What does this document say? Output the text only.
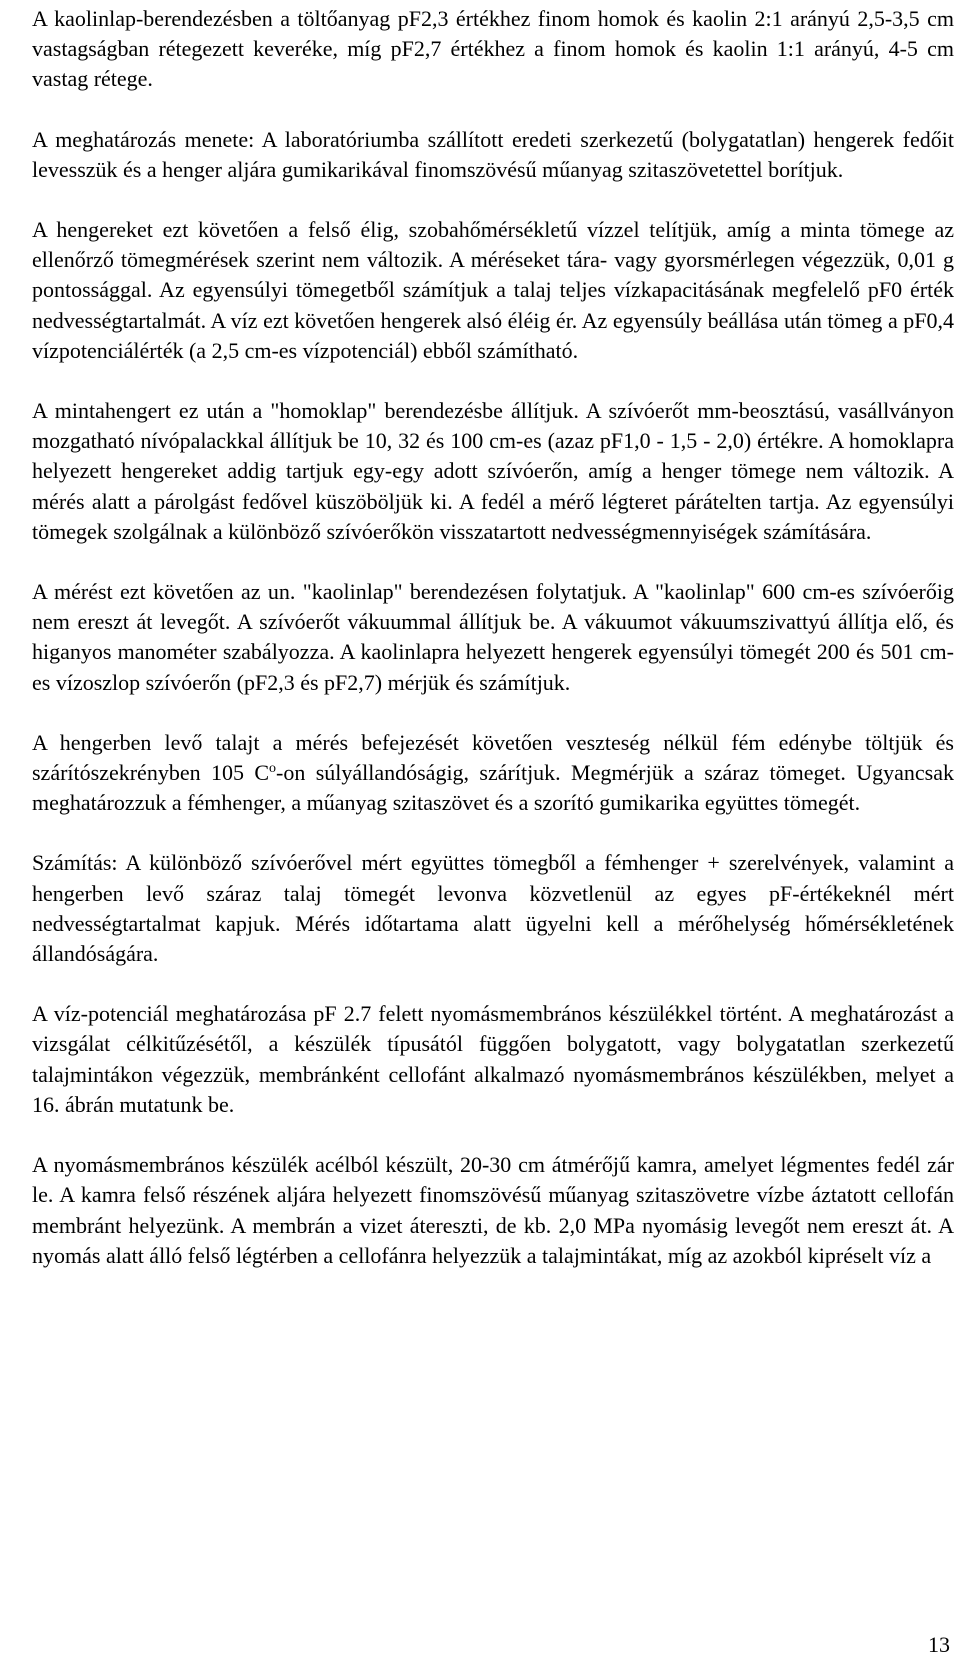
A kaolinlap-berendezésben a töltőanyag pF2,3 értékhez finom homok és kaolin 2:1 arányú 2,5-3,5 cm vastagságban rétegezett keveréke, míg pF2,7 értékhez a finom homok és kaolin 1:1 arányú, 4-5 cm vastag rétege.

A meghatározás menete: A laboratóriumba szállított eredeti szerkezetű (bolygatatlan) hengerek fedőit levesszük és a henger aljára gumikarikával finomszövésű műanyag szitaszövetettel borítjuk.

A hengereket ezt követően a felső élig, szobahőmérsékletű vízzel telítjük, amíg a minta tömege az ellenőrző tömegmérések szerint nem változik. A méréseket tára- vagy gyorsmérlegen végezzük, 0,01 g pontossággal. Az egyensúlyi tömegetből számítjuk a talaj teljes vízkapacitásának megfelelő pF0 érték nedvességtartalmát. A víz ezt követően hengerek alsó éléig ér. Az egyensúly beállása után tömeg a pF0,4 vízpotenciálérték (a 2,5 cm-es vízpotenciál) ebből számítható.

A mintahengert ez után a "homoklap" berendezésbe állítjuk. A szívóerőt mm-beosztású, vasállványon mozgatható nívópalackkal állítjuk be 10, 32 és 100 cm-es (azaz pF1,0 - 1,5 - 2,0) értékre. A homoklapra helyezett hengereket addig tartjuk egy-egy adott szívóerőn, amíg a henger tömege nem változik. A mérés alatt a párolgást fedővel küszöböljük ki. A fedél a mérő légteret párátelten tartja. Az egyensúlyi tömegek szolgálnak a különböző szívóerőkön visszatartott nedvességmennyiségek számítására.

A mérést ezt követően az un. "kaolinlap" berendezésen folytatjuk. A "kaolinlap" 600 cm-es szívóerőig nem ereszt át levegőt. A szívóerőt vákuummal állítjuk be. A vákuumot vákuumszivattyú állítja elő, és higanyos manométer szabályozza. A kaolinlapra helyezett hengerek egyensúlyi tömegét 200 és 501 cm-es vízoszlop szívóerőn (pF2,3 és pF2,7) mérjük és számítjuk.

A hengerben levő talajt a mérés befejezését követően veszteség nélkül fém edénybe töltjük és szárítószekrényben 105 $C^o-on$ súlyállandóságig, szárítjuk. Megmérjük a száraz tömeget. Ugyancsak meghatározzuk a fémhenger, a műanyag szitaszövet és a szorító gumikarika együttes tömegét.

Számítás: A különböző szívóerővel mért együttes tömegből a fémhenger + szerelvények, valamint a hengerben levő száraz talaj tömegét levonva közvetlenül az egyes pF-értékeknél mért nedvességtartalmat kapjuk. Mérés időtartama alatt ügyelni kell a mérőhelység hőmérsékletének állandóságára.

A víz-potenciál meghatározása pF 2.7 felett nyomásmembrános készülékkel történt. A meghatározást a vizsgálat célkitűzésétől, a készülék típusától függően bolygatott, vagy bolygatatlan szerkezetű talajmintákon végezzük, membránként cellofánt alkalmazó nyomásmembrános készülékben, melyet a 16. ábrán mutatunk be.

A nyomásmembrános készülék acélból készült, 20-30 cm átmérőjű kamra, amelyet légmentes fedél zár le. A kamra felső részének aljára helyezett finomszövésű műanyag szitaszövetre vízbe áztatott cellofán membránt helyezünk. A membrán a vizet átereszti, de kb. 2,0 MPa nyomásig levegőt nem ereszt át. A nyomás alatt álló felső légtérben a cellofánra helyezzük a talajmintákat, míg az azokból kipréselt víz a

13
